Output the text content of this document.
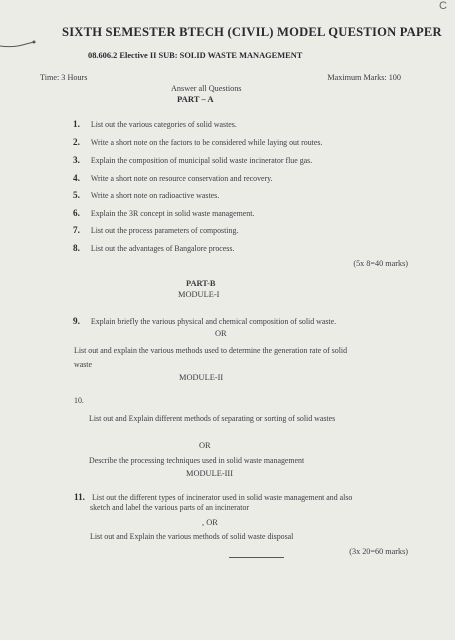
C
SIXTH SEMESTER BTECH (CIVIL) MODEL QUESTION PAPER
08.606.2 Elective II SUB: SOLID WASTE MANAGEMENT
Time: 3 Hours	Maximum Marks: 100
Answer all Questions
PART – A
1. List out the various categories of solid wastes.
2. Write a short note on the factors to be considered while laying out routes.
3. Explain the composition of municipal solid waste incinerator flue gas.
4. Write a short note on resource conservation and recovery.
5. Write a short note on radioactive wastes.
6. Explain the 3R concept in solid waste management.
7. List out the process parameters of composting.
8. List out the advantages of Bangalore process.
(5x 8=40 marks)
PART-B
MODULE-I
9. Explain briefly the various physical and chemical composition of solid waste.
OR
List out and explain the various methods used to determine the generation rate of solid
waste
MODULE-II
10.
List out and Explain different methods of separating or sorting of solid wastes
OR
Describe the processing techniques used in solid waste management
MODULE-III
11. List out the different types of incinerator used in solid waste management and also
sketch and label the various parts of an incinerator
, OR
List out and Explain the various methods of solid waste disposal
(3x 20=60 marks)
